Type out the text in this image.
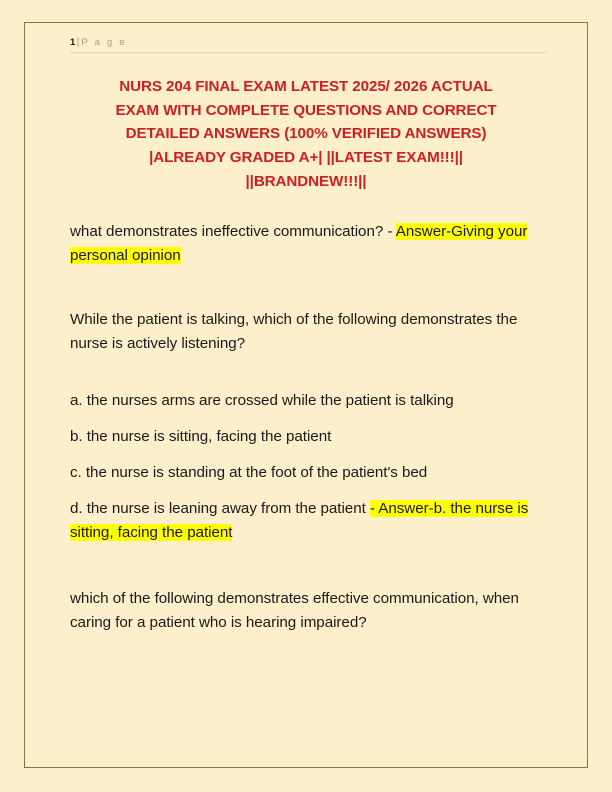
1| P a g e
NURS 204 FINAL EXAM LATEST 2025/ 2026 ACTUAL
EXAM WITH COMPLETE QUESTIONS AND CORRECT
DETAILED ANSWERS (100% VERIFIED ANSWERS)
|ALREADY GRADED A+| ||LATEST EXAM!!!||
||BRANDNEW!!!||
what demonstrates ineffective communication? - Answer-Giving your personal opinion
While the patient is talking, which of the following demonstrates the nurse is actively listening?
a. the nurses arms are crossed while the patient is talking
b. the nurse is sitting, facing the patient
c. the nurse is standing at the foot of the patient's bed
d. the nurse is leaning away from the patient - Answer-b. the nurse is sitting, facing the patient
which of the following demonstrates effective communication, when caring for a patient who is hearing impaired?
